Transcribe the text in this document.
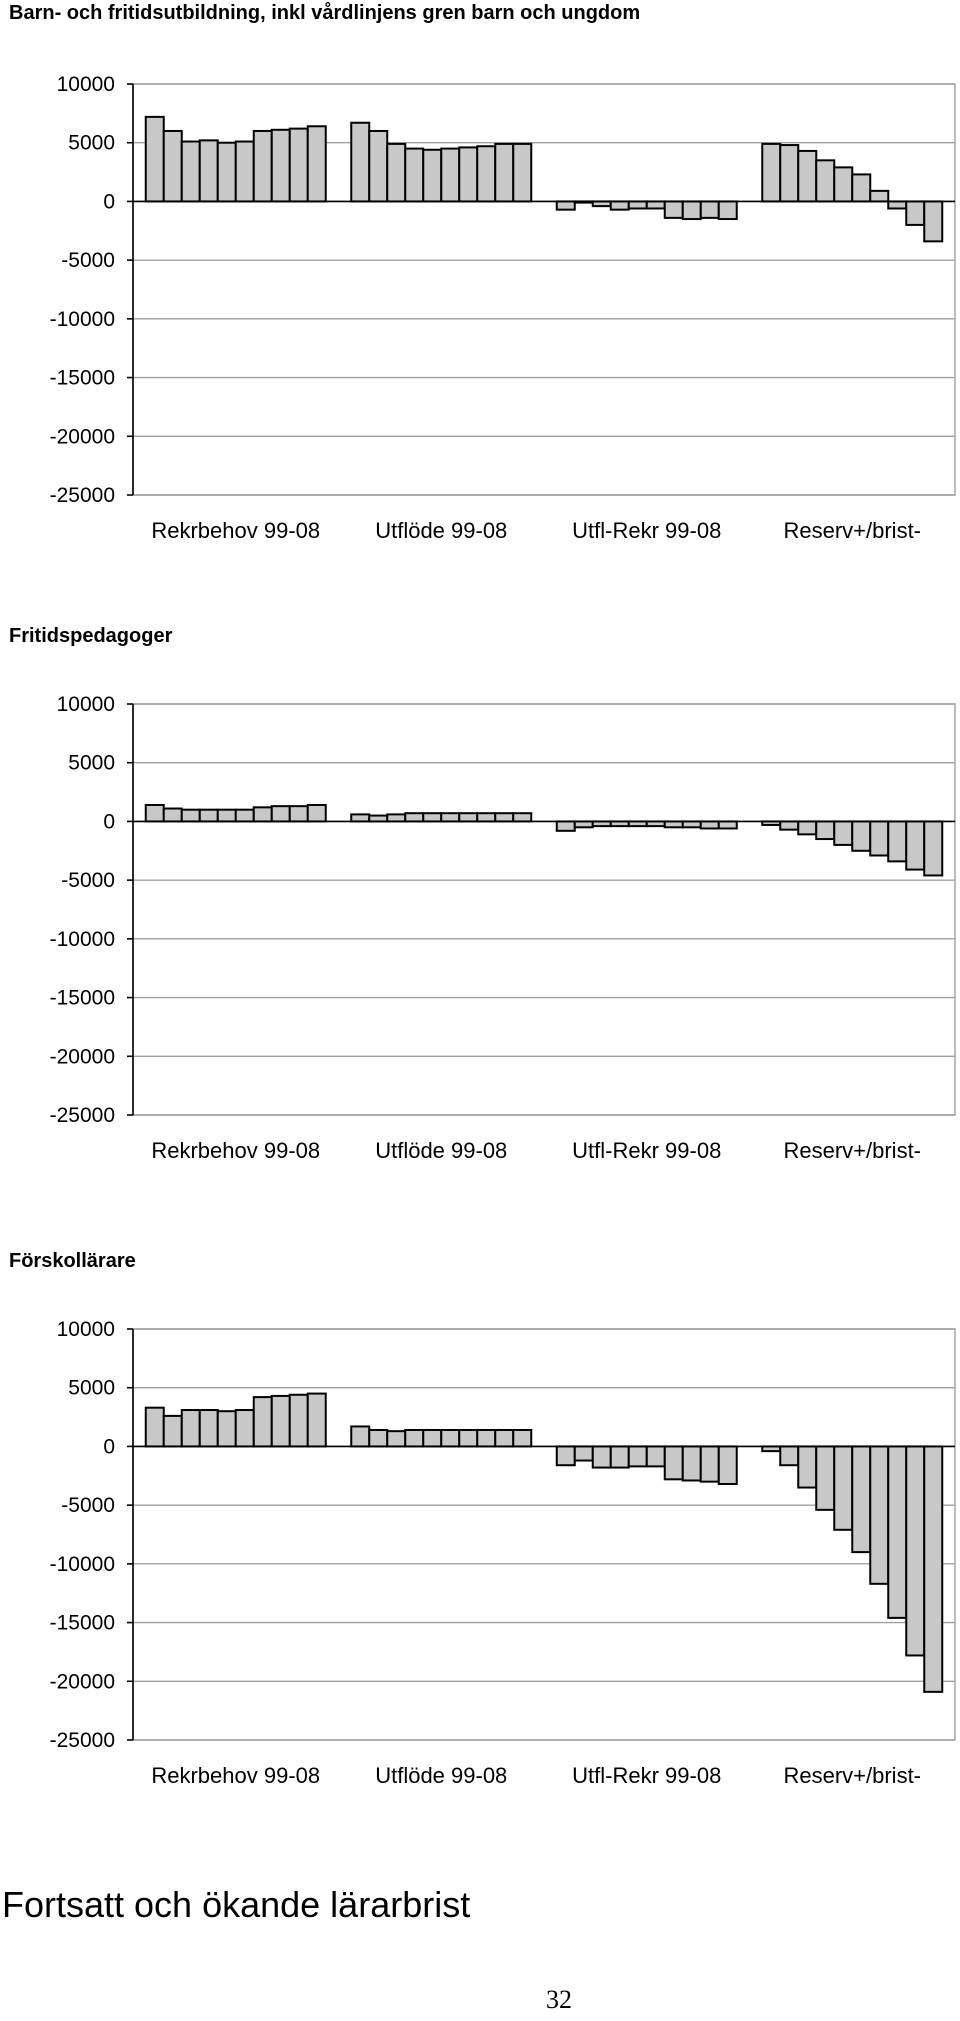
Barn- och fritidsutbildning, inkl vårdlinjens gren barn och ungdom
10000
5000
0
-5000
-10000
-15000
-20000
-25000
Rekrbehov 99-08	Utflöde 99-08	Utfl-Rekr 99-08	Reserv+/brist-
Fritidspedagoger
10000
5000
0
-5000
-10000
-15000
-20000
-25000
Rekrbehov 99-08	Utflöde 99-08	Utfl-Rekr 99-08	Reserv+/brist-
Förskollärare
10000
5000
0
-5000
-10000
-15000
-20000
-25000
Rekrbehov 99-08	Utflöde 99-08	Utfl-Rekr 99-08	Reserv+/brist-
Fortsatt och ökande lärarbrist
32
